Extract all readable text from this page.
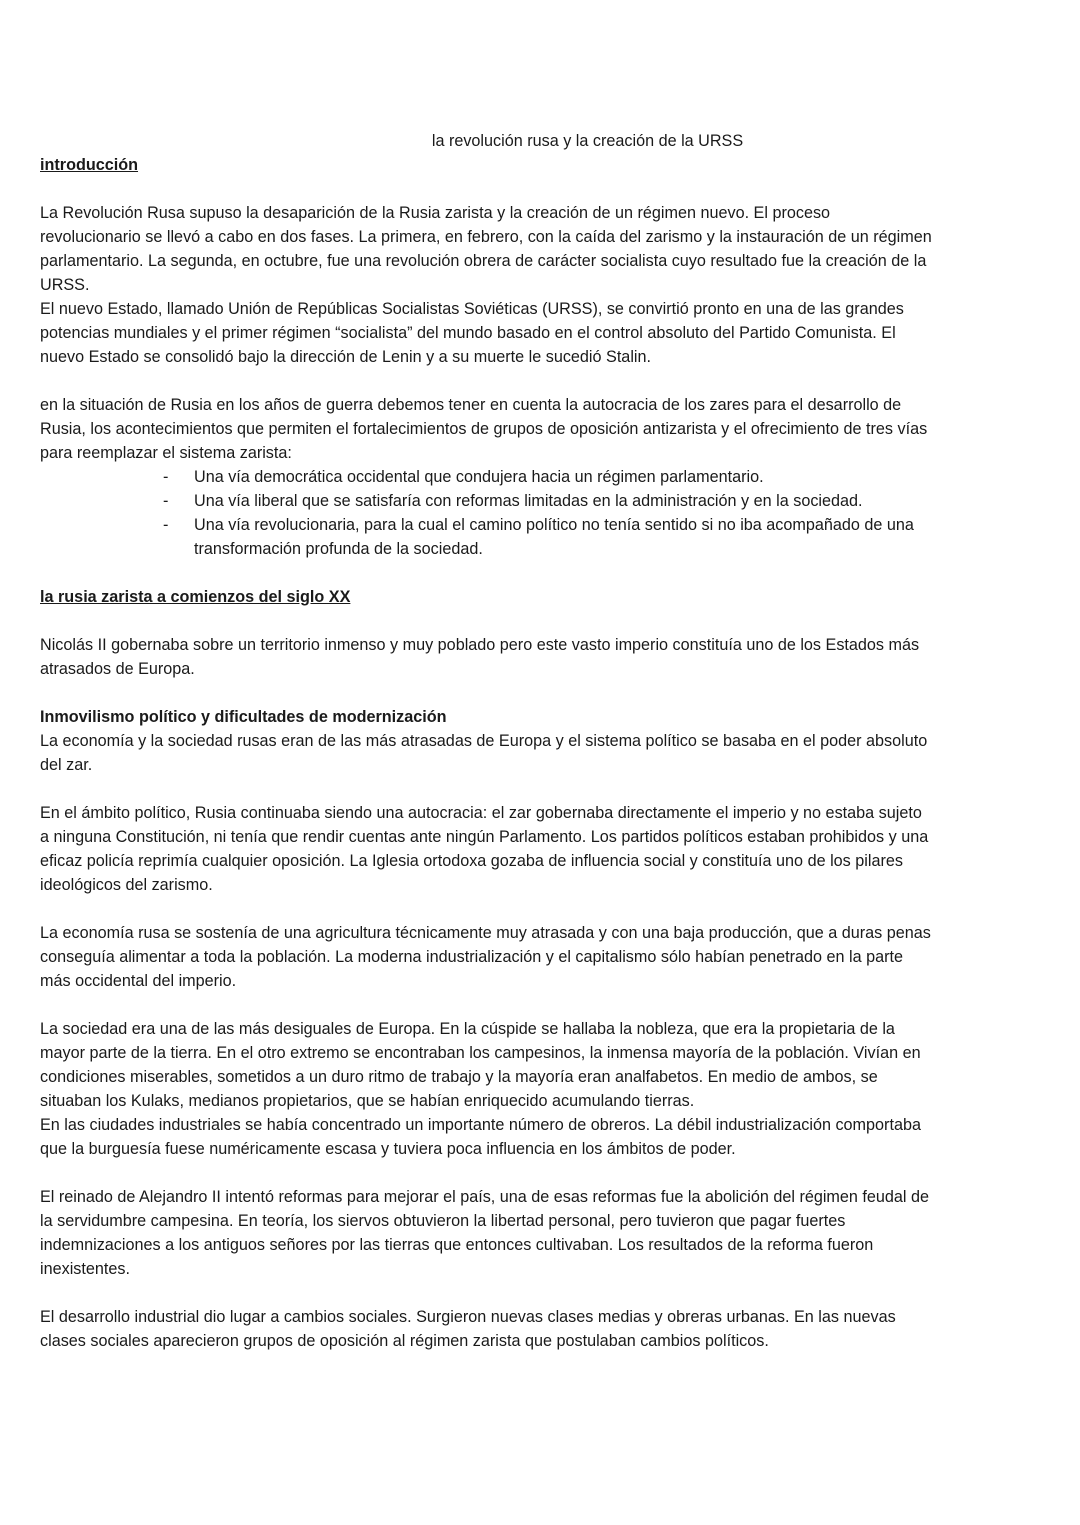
la revolución rusa y la creación de la URSS
introducción

La Revolución Rusa supuso la desaparición de la Rusia zarista y la creación de un régimen nuevo. El proceso
revolucionario se llevó a cabo en dos fases. La primera, en febrero, con la caída del zarismo y la instauración de un régimen
parlamentario. La segunda, en octubre, fue una revolución obrera de carácter socialista cuyo resultado fue la creación de la
URSS.

El nuevo Estado, llamado Unión de Repúblicas Socialistas Soviéticas (URSS), se convirtió pronto en una de las grandes
potencias mundiales y el primer régimen “socialista” del mundo basado en el control absoluto del Partido Comunista. El
nuevo Estado se consolidó bajo la dirección de Lenin y a su muerte le sucedió Stalin.

en la situación de Rusia en los años de guerra debemos tener en cuenta la autocracia de los zares para el desarrollo de
Rusia, los acontecimientos que permiten el fortalecimientos de grupos de oposición antizarista y el ofrecimiento de tres vías
para reemplazar el sistema zarista:

- Una vía democrática occidental que condujera hacia un régimen parlamentario.
- Una vía liberal que se satisfaría con reformas limitadas en la administración y en la sociedad.
- Una vía revolucionaria, para la cual el camino político no tenía sentido si no iba acompañado de una
transformación profunda de la sociedad.
la rusia zarista a comienzos del siglo XX

Nicolás II gobernaba sobre un territorio inmenso y muy poblado pero este vasto imperio constituía uno de los Estados más
atrasados de Europa.

Inmovilismo político y dificultades de modernización

La economía y la sociedad rusas eran de las más atrasadas de Europa y el sistema político se basaba en el poder absoluto
del zar.

En el ámbito político, Rusia continuaba siendo una autocracia: el zar gobernaba directamente el imperio y no estaba sujeto
a ninguna Constitución, ni tenía que rendir cuentas ante ningún Parlamento. Los partidos políticos estaban prohibidos y una
eficaz policía reprimía cualquier oposición. La Iglesia ortodoxa gozaba de influencia social y constituía uno de los pilares
ideológicos del zarismo.

La economía rusa se sostenía de una agricultura técnicamente muy atrasada y con una baja producción, que a duras penas
conseguía alimentar a toda la población. La moderna industrialización y el capitalismo sólo habían penetrado en la parte
más occidental del imperio.

La sociedad era una de las más desiguales de Europa. En la cúspide se hallaba la nobleza, que era la propietaria de la
mayor parte de la tierra. En el otro extremo se encontraban los campesinos, la inmensa mayoría de la población. Vivían en
condiciones miserables, sometidos a un duro ritmo de trabajo y la mayoría eran analfabetos. En medio de ambos, se
situaban los Kulaks, medianos propietarios, que se habían enriquecido acumulando tierras.

En las ciudades industriales se había concentrado un importante número de obreros. La débil industrialización comportaba
que la burguesía fuese numéricamente escasa y tuviera poca influencia en los ámbitos de poder.

El reinado de Alejandro II intentó reformas para mejorar el país, una de esas reformas fue la abolición del régimen feudal de
la servidumbre campesina. En teoría, los siervos obtuvieron la libertad personal, pero tuvieron que pagar fuertes
indemnizaciones a los antiguos señores por las tierras que entonces cultivaban. Los resultados de la reforma fueron
inexistentes.

El desarrollo industrial dio lugar a cambios sociales. Surgieron nuevas clases medias y obreras urbanas. En las nuevas
clases sociales aparecieron grupos de oposición al régimen zarista que postulaban cambios políticos.
